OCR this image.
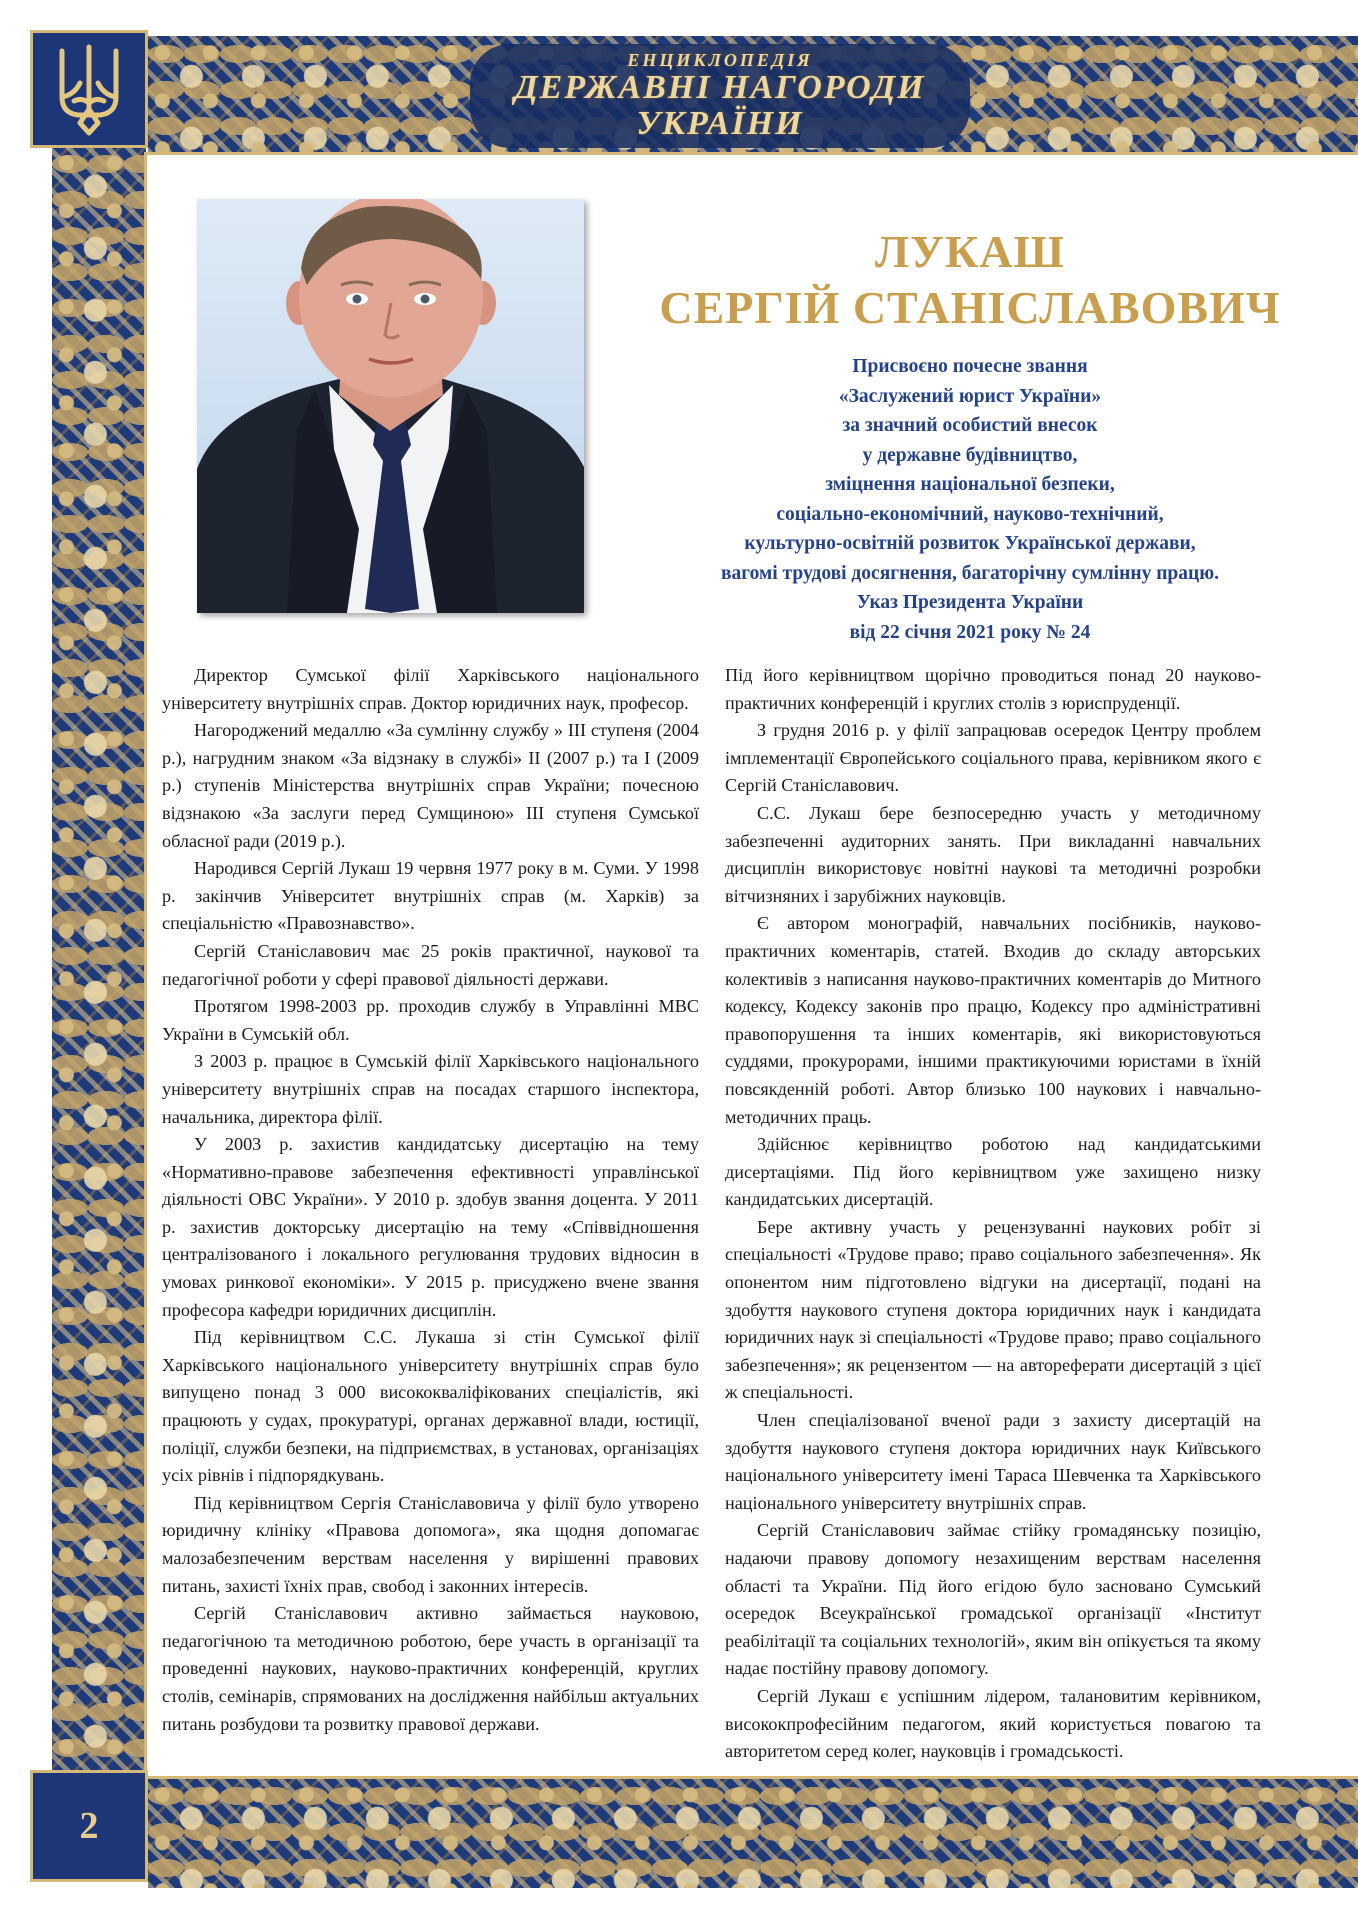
2
ЕНЦИКЛОПЕДІЯ
ДЕРЖАВНІ НАГОРОДИ
УКРАЇНИ
ЛУКАШ
СЕРГІЙ СТАНІСЛАВОВИЧ
Присвоєно почесне звання
«Заслужений юрист України»
за значний особистий внесок
у державне будівництво,
зміцнення національної безпеки,
соціально-економічний, науково-технічний,
культурно-освітній розвиток Української держави,
вагомі трудові досягнення, багаторічну сумлінну працю.
Указ Президента України
від 22 січня 2021 року № 24

Директор Сумської філії Харківського національного університету внутрішніх справ. Доктор юридичних наук, професор.

Нагороджений медаллю «За сумлінну службу » III ступеня (2004 р.), нагрудним знаком «За відзнаку в службі» II (2007 р.) та I (2009 р.) ступенів Міністерства внутрішніх справ України; почесною відзнакою «За заслуги перед Сумщиною» III ступеня Сумської обласної ради (2019 р.).

Народився Сергій Лукаш 19 червня 1977 року в м. Суми. У 1998 р. закінчив Університет внутрішніх справ (м. Харків) за спеціальністю «Правознавство».

Сергій Станіславович має 25 років практичної, наукової та педагогічної роботи у сфері правової діяльності держави.

Протягом 1998-2003 рр. проходив службу в Управлінні МВС України в Сумській обл.

З 2003 р. працює в Сумській філії Харківського національного університету внутрішніх справ на посадах старшого інспектора, начальника, директора філії.

У 2003 р. захистив кандидатську дисертацію на тему «Нормативно-правове забезпечення ефективності управлінської діяльності ОВС України». У 2010 р. здобув звання доцента. У 2011 р. захистив докторську дисертацію на тему «Співвідношення централізованого і локального регулювання трудових відносин в умовах ринкової економіки». У 2015 р. присуджено вчене звання професора кафедри юридичних дисциплін.

Під керівництвом С.С. Лукаша зі стін Сумської філії Харківського національного університету внутрішніх справ було випущено понад 3 000 висококваліфікованих спеціалістів, які працюють у судах, прокуратурі, органах державної влади, юстиції, поліції, служби безпеки, на підприємствах, в установах, організаціях усіх рівнів і підпорядкувань.

Під керівництвом Сергія Станіславовича у філії було утворено юридичну клініку «Правова допомога», яка щодня допомагає малозабезпеченим верствам населення у вирішенні правових питань, захисті їхніх прав, свобод і законних інтересів.

Сергій Станіславович активно займається науковою, педагогічною та методичною роботою, бере участь в організації та проведенні наукових, науково-практичних конференцій, круглих столів, семінарів, спрямованих на дослідження найбільш актуальних питань розбудови та розвитку правової держави.

Під його керівництвом щорічно проводиться понад 20 науково-практичних конференцій і круглих столів з юриспруденції.

З грудня 2016 р. у філії запрацював осередок Центру проблем імплементації Європейського соціального права, керівником якого є Сергій Станіславович.

С.С. Лукаш бере безпосередню участь у методичному забезпеченні аудиторних занять. При викладанні навчальних дисциплін використовує новітні наукові та методичні розробки вітчизняних і зарубіжних науковців.

Є автором монографій, навчальних посібників, науково-практичних коментарів, статей. Входив до складу авторських колективів з написання науково-практичних коментарів до Митного кодексу, Кодексу законів про працю, Кодексу про адміністративні правопорушення та інших коментарів, які використовуються суддями, прокурорами, іншими практикуючими юристами в їхній повсякденній роботі. Автор близько 100 наукових і навчально-методичних праць.

Здійснює керівництво роботою над кандидатськими дисертаціями. Під його керівництвом уже захищено низку кандидатських дисертацій.

Бере активну участь у рецензуванні наукових робіт зі спеціальності «Трудове право; право соціального забезпечення». Як опонентом ним підготовлено відгуки на дисертації, подані на здобуття наукового ступеня доктора юридичних наук і кандидата юридичних наук зі спеціальності «Трудове право; право соціального забезпечення»; як рецензентом — на автореферати дисертацій з цієї ж спеціальності.

Член спеціалізованої вченої ради з захисту дисертацій на здобуття наукового ступеня доктора юридичних наук Київського національного університету імені Тараса Шевченка та Харківського національного університету внутрішніх справ.

Сергій Станіславович займає стійку громадянську позицію, надаючи правову допомогу незахищеним верствам населення області та України. Під його егідою було засновано Сумський осередок Всеукраїнської громадської організації «Інститут реабілітації та соціальних технологій», яким він опікується та якому надає постійну правову допомогу.

Сергій Лукаш є успішним лідером, талановитим керівником, висококпрофесійним педагогом, який користується повагою та авторитетом серед колег, науковців і громадськості.
